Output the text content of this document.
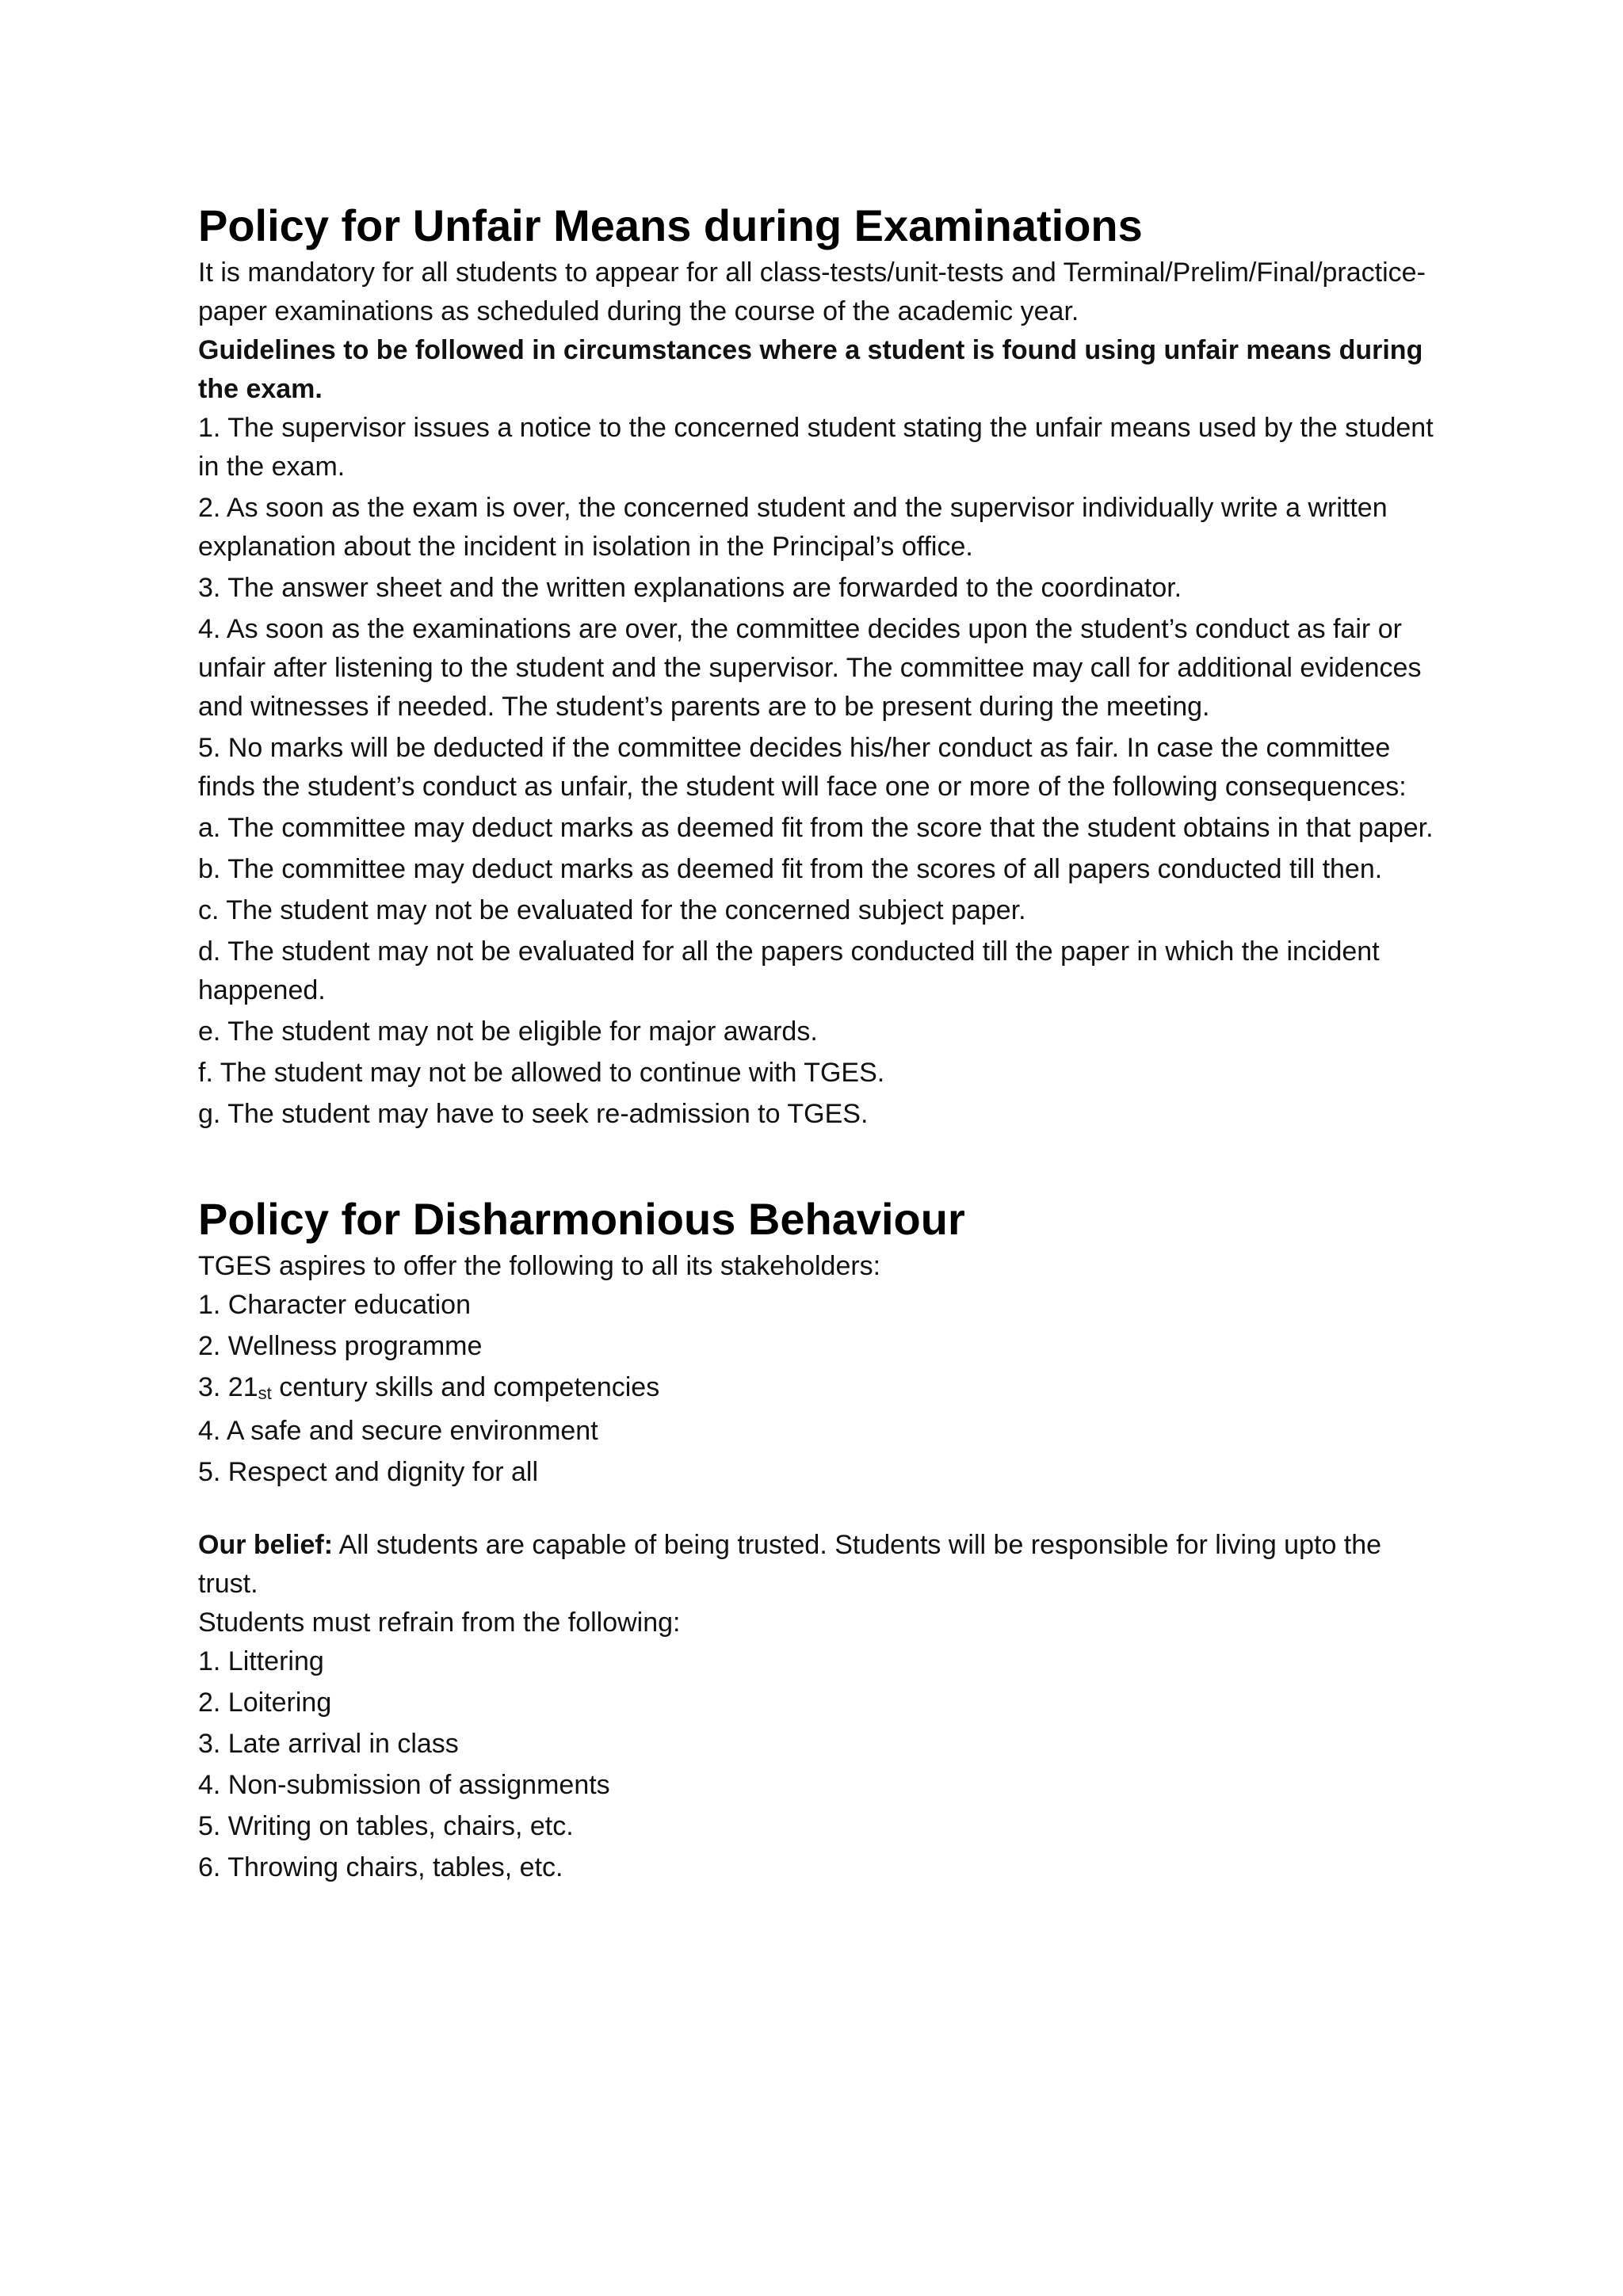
Policy for Unfair Means during Examinations

It is mandatory for all students to appear for all class-tests/unit-tests and Terminal/Prelim/Final/practice-paper examinations as scheduled during the course of the academic year.

Guidelines to be followed in circumstances where a student is found using unfair means during the exam.

1. The supervisor issues a notice to the concerned student stating the unfair means used by the student in the exam.

2. As soon as the exam is over, the concerned student and the supervisor individually write a written explanation about the incident in isolation in the Principal’s office.

3. The answer sheet and the written explanations are forwarded to the coordinator.

4. As soon as the examinations are over, the committee decides upon the student’s conduct as fair or unfair after listening to the student and the supervisor. The committee may call for additional evidences and witnesses if needed. The student’s parents are to be present during the meeting.

5. No marks will be deducted if the committee decides his/her conduct as fair. In case the committee finds the student’s conduct as unfair, the student will face one or more of the following consequences:

a. The committee may deduct marks as deemed fit from the score that the student obtains in that paper.

b. The committee may deduct marks as deemed fit from the scores of all papers conducted till then.

c. The student may not be evaluated for the concerned subject paper.

d. The student may not be evaluated for all the papers conducted till the paper in which the incident happened.

e. The student may not be eligible for major awards.

f. The student may not be allowed to continue with TGES.

g. The student may have to seek re-admission to TGES.

Policy for Disharmonious Behaviour

TGES aspires to offer the following to all its stakeholders:

1. Character education

2. Wellness programme

3. 21st century skills and competencies

4. A safe and secure environment

5. Respect and dignity for all

Our belief: All students are capable of being trusted. Students will be responsible for living upto the trust.

Students must refrain from the following:

1. Littering

2. Loitering

3. Late arrival in class

4. Non-submission of assignments

5. Writing on tables, chairs, etc.

6. Throwing chairs, tables, etc.
